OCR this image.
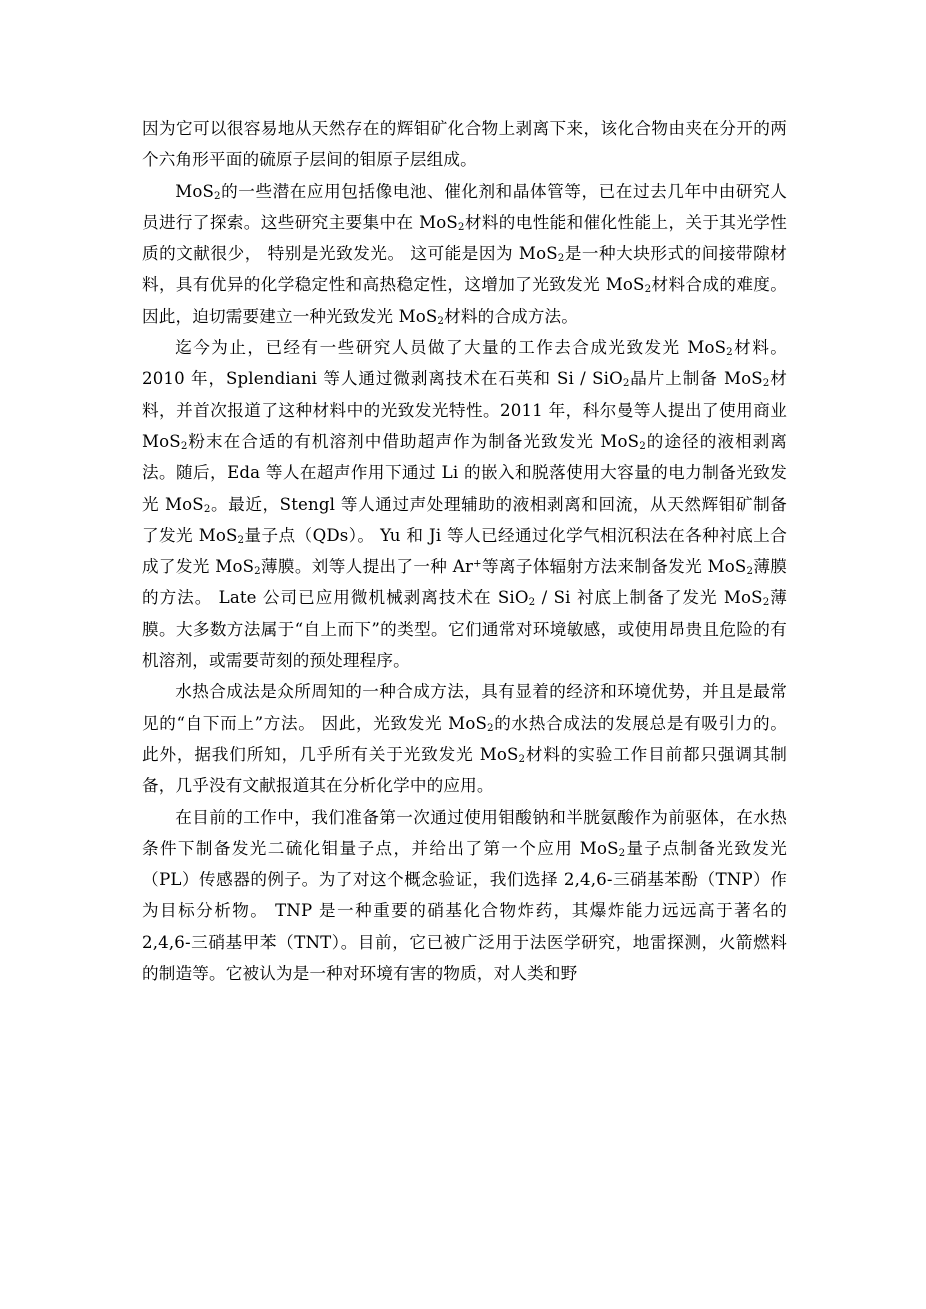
因为它可以很容易地从天然存在的辉钼矿化合物上剥离下来，该化合物由夹在分开的两个六角形平面的硫原子层间的钼原子层组成。

MoS$_2$的一些潜在应用包括像电池、催化剂和晶体管等，已在过去几年中由研究人员进行了探索。这些研究主要集中在 MoS$_2$材料的电性能和催化性能上，关于其光学性质的文献很少， 特别是光致发光。 这可能是因为 MoS$_2$是一种大块形式的间接带隙材料，具有优异的化学稳定性和高热稳定性，这增加了光致发光 MoS$_2$材料合成的难度。 因此，迫切需要建立一种光致发光 MoS$_2$材料的合成方法。

迄今为止，已经有一些研究人员做了大量的工作去合成光致发光 MoS$_2$材料。2010 年，Splendiani 等人通过微剥离技术在石英和 Si / SiO$_2$晶片上制备 MoS$_2$材料，并首次报道了这种材料中的光致发光特性。2011 年，科尔曼等人提出了使用商业 MoS$_2$粉末在合适的有机溶剂中借助超声作为制备光致发光 MoS$_2$的途径的液相剥离法。随后，Eda 等人在超声作用下通过 Li 的嵌入和脱落使用大容量的电力制备光致发光 MoS$_2$。最近，Stengl 等人通过声处理辅助的液相剥离和回流，从天然辉钼矿制备了发光 MoS$_2$量子点（QDs）。 Yu 和 Ji 等人已经通过化学气相沉积法在各种衬底上合成了发光 MoS$_2$薄膜。刘等人提出了一种 Ar+等离子体辐射方法来制备发光 MoS$_2$薄膜的方法。 Late 公司已应用微机械剥离技术在 SiO$_2$ / Si 衬底上制备了发光 MoS$_2$薄膜。大多数方法属于“自上而下”的类型。它们通常对环境敏感，或使用昂贵且危险的有机溶剂，或需要苛刻的预处理程序。

水热合成法是众所周知的一种合成方法，具有显着的经济和环境优势，并且是最常见的“自下而上”方法。 因此，光致发光 MoS$_2$的水热合成法的发展总是有吸引力的。 此外，据我们所知，几乎所有关于光致发光 MoS$_2$材料的实验工作目前都只强调其制备，几乎没有文献报道其在分析化学中的应用。

在目前的工作中，我们准备第一次通过使用钼酸钠和半胱氨酸作为前驱体，在水热条件下制备发光二硫化钼量子点，并给出了第一个应用 MoS$_2$量子点制备光致发光（PL）传感器的例子。为了对这个概念验证，我们选择 2,4,6-三硝基苯酚（TNP）作为目标分析物。 TNP 是一种重要的硝基化合物炸药，其爆炸能力远远高于著名的 2,4,6-三硝基甲苯（TNT）。目前，它已被广泛用于法医学研究，地雷探测，火箭燃料的制造等。它被认为是一种对环境有害的物质，对人类和野
